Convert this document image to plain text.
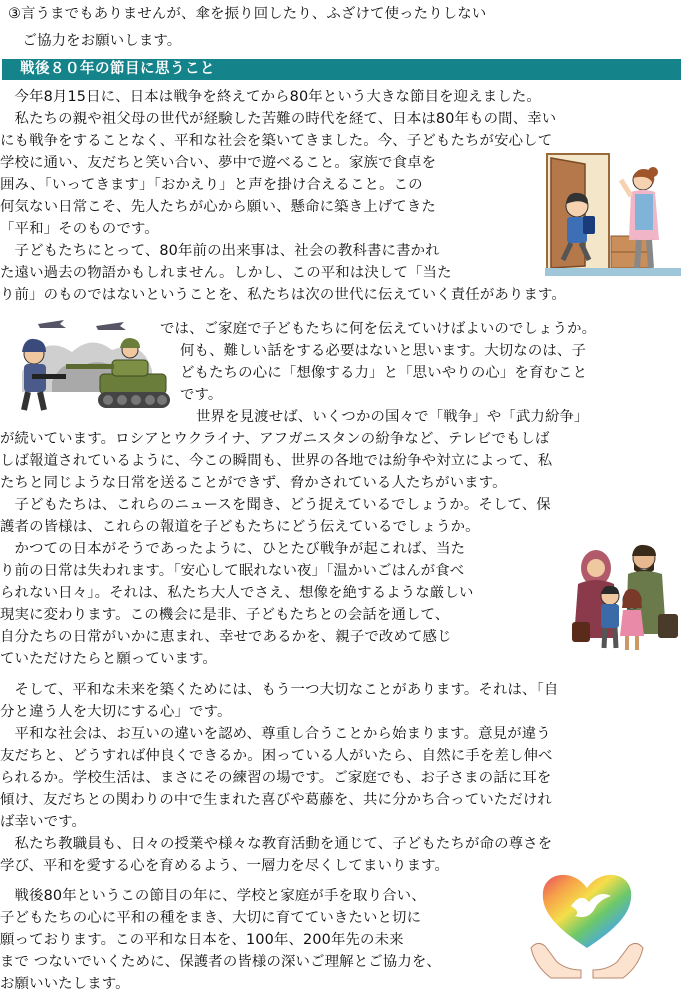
③言うまでもありませんが、傘を振り回したり、ふざけて使ったりしない
　ご協力をお願いします。
戦後８０年の節目に思うこと
　今年8月15日に、日本は戦争を終えてから80年という大きな節目を迎えました。
　私たちの親や祖父母の世代が経験した苦難の時代を経て、日本は80年もの間、幸い
にも戦争をすることなく、平和な社会を築いてきました。今、子どもたちが安心して
学校に通い、友だちと笑い合い、夢中で遊べること。家族で食卓を
囲み、「いってきます」「おかえり」と声を掛け合えること。この
何気ない日常こそ、先人たちが心から願い、懸命に築き上げてきた
「平和」そのものです。
　子どもたちにとって、80年前の出来事は、社会の教科書に書かれ
た遠い過去の物語かもしれません。しかし、この平和は決して「当た
り前」のものではないということを、私たちは次の世代に伝えていく責任があります。
では、ご家庭で子どもたちに何を伝えていけばよいのでしょうか。
何も、難しい話をする必要はないと思います。大切なのは、子
どもたちの心に「想像する力」と「思いやりの心」を育むこと
です。
世界を見渡せば、いくつかの国々で「戦争」や「武力紛争」
が続いています。ロシアとウクライナ、アフガニスタンの紛争など、テレビでもしば
しば報道されているように、今この瞬間も、世界の各地では紛争や対立によって、私
たちと同じような日常を送ることができず、脅かされている人たちがいます。
　子どもたちは、これらのニュースを聞き、どう捉えているでしょうか。そして、保
護者の皆様は、これらの報道を子どもたちにどう伝えているでしょうか。
　かつての日本がそうであったように、ひとたび戦争が起これば、当た
り前の日常は失われます。「安心して眠れない夜」「温かいごはんが食べ
られない日々」。それは、私たち大人でさえ、想像を絶するような厳しい
現実に変わります。この機会に是非、子どもたちとの会話を通して、
自分たちの日常がいかに恵まれ、幸せであるかを、親子で改めて感じ
ていただけたらと願っています。
　そして、平和な未来を築くためには、もう一つ大切なことがあります。それは、「自
分と違う人を大切にする心」です。
　平和な社会は、お互いの違いを認め、尊重し合うことから始まります。意見が違う
友だちと、どうすれば仲良くできるか。困っている人がいたら、自然に手を差し伸べ
られるか。学校生活は、まさにその練習の場です。ご家庭でも、お子さまの話に耳を
傾け、友だちとの関わりの中で生まれた喜びや葛藤を、共に分かち合っていただけれ
ば幸いです。
　私たち教職員も、日々の授業や様々な教育活動を通じて、子どもたちが命の尊さを
学び、平和を愛する心を育めるよう、一層力を尽くしてまいります。
　戦後80年というこの節目の年に、学校と家庭が手を取り合い、
子どもたちの心に平和の種をまき、大切に育てていきたいと切に
願っております。この平和な日本を、100年、200年先の未来
まで つないでいくために、保護者の皆様の深いご理解とご協力を、
お願いいたします。
